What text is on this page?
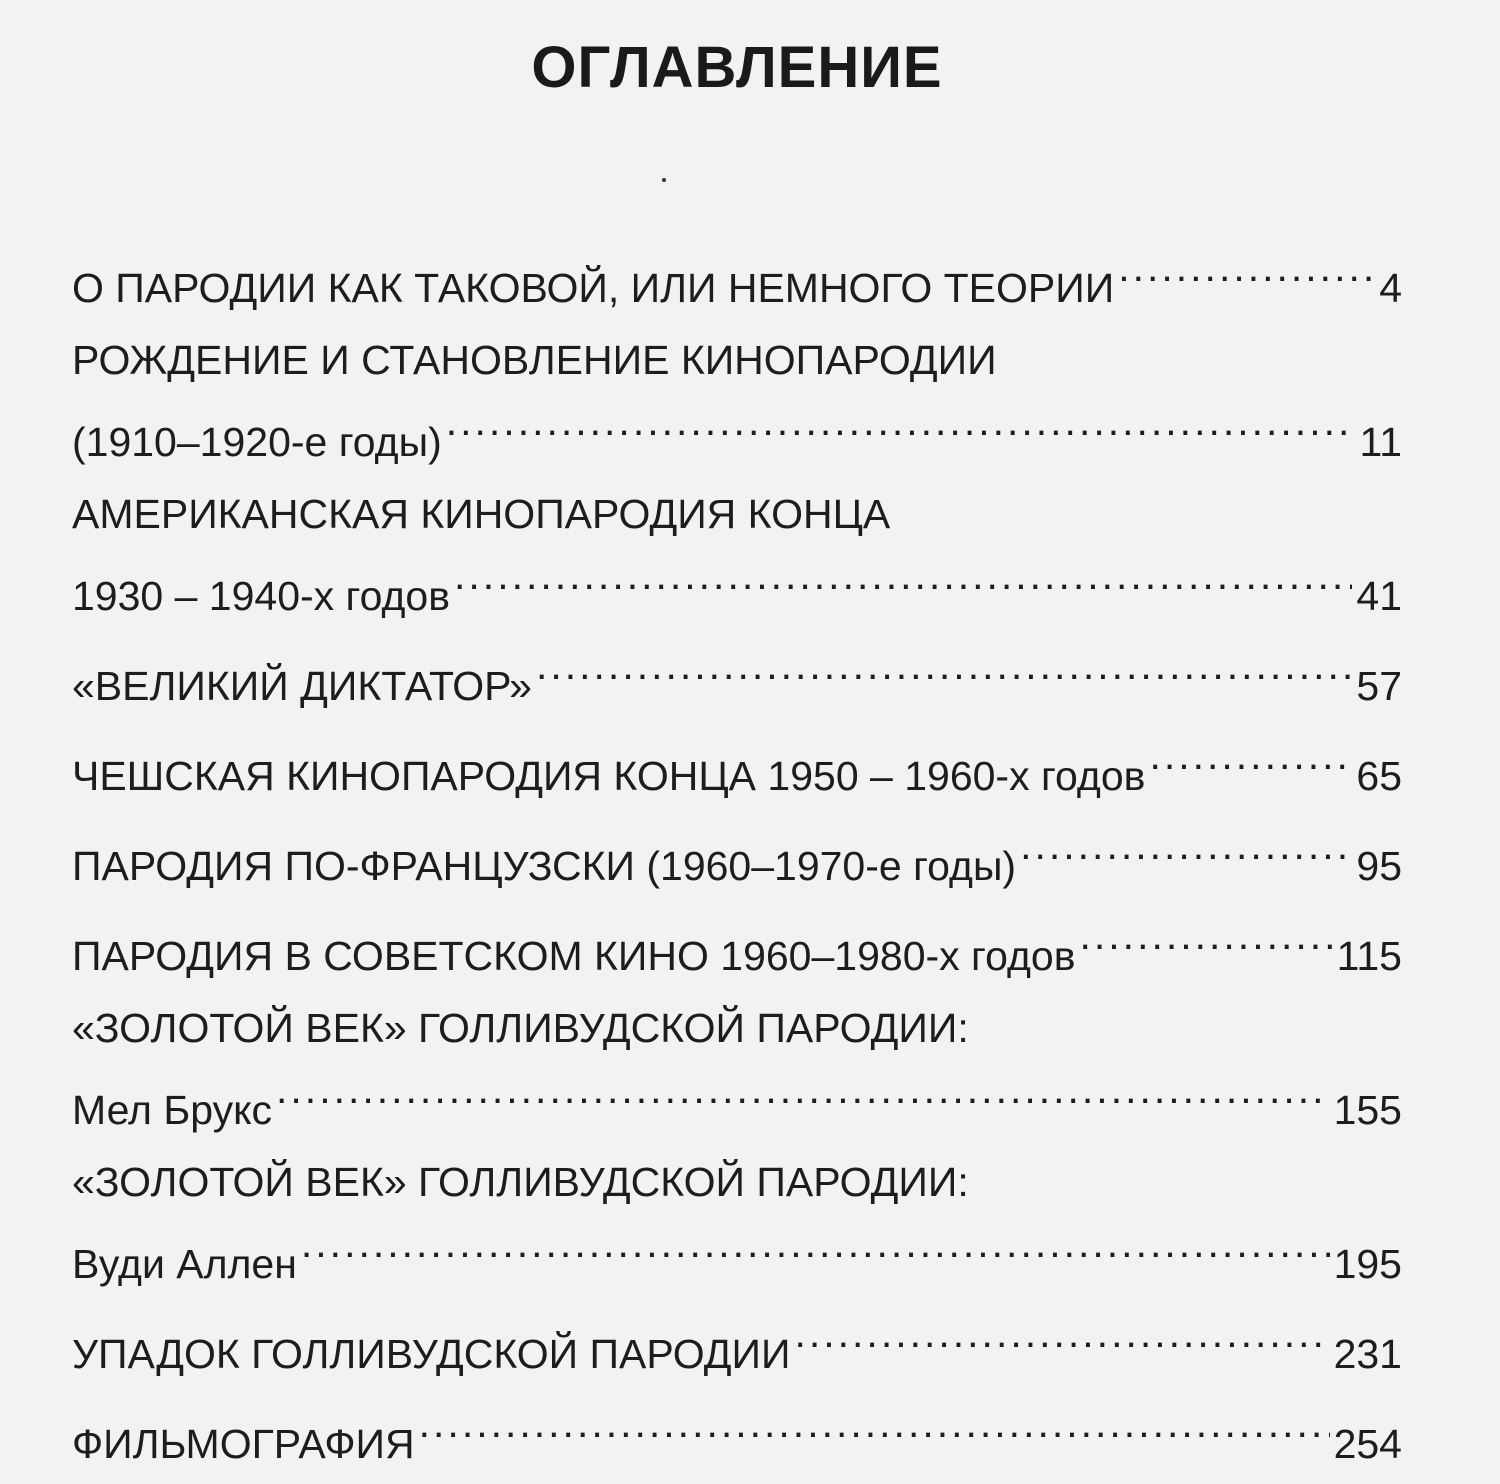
ОГЛАВЛЕНИЕ
О ПАРОДИИ КАК ТАКОВОЙ, ИЛИ НЕМНОГО ТЕОРИИ .....	4
РОЖДЕНИЕ И СТАНОВЛЕНИЕ КИНОПАРОДИИ
(1910–1920-е годы) .....	11
АМЕРИКАНСКАЯ КИНОПАРОДИЯ КОНЦА
1930 – 1940-х годов .....	41
«ВЕЛИКИЙ ДИКТАТОР» .....	57
ЧЕШСКАЯ КИНОПАРОДИЯ КОНЦА 1950 – 1960-х годов .....	65
ПАРОДИЯ ПО-ФРАНЦУЗСКИ (1960–1970-е годы) .....	95
ПАРОДИЯ В СОВЕТСКОМ КИНО 1960–1980-х годов .....	115
«ЗОЛОТОЙ ВЕК» ГОЛЛИВУДСКОЙ ПАРОДИИ:
Мел Брукс .....	155
«ЗОЛОТОЙ ВЕК» ГОЛЛИВУДСКОЙ ПАРОДИИ:
Вуди Аллен .....	195
УПАДОК ГОЛЛИВУДСКОЙ ПАРОДИИ .....	231
ФИЛЬМОГРАФИЯ .....	254
